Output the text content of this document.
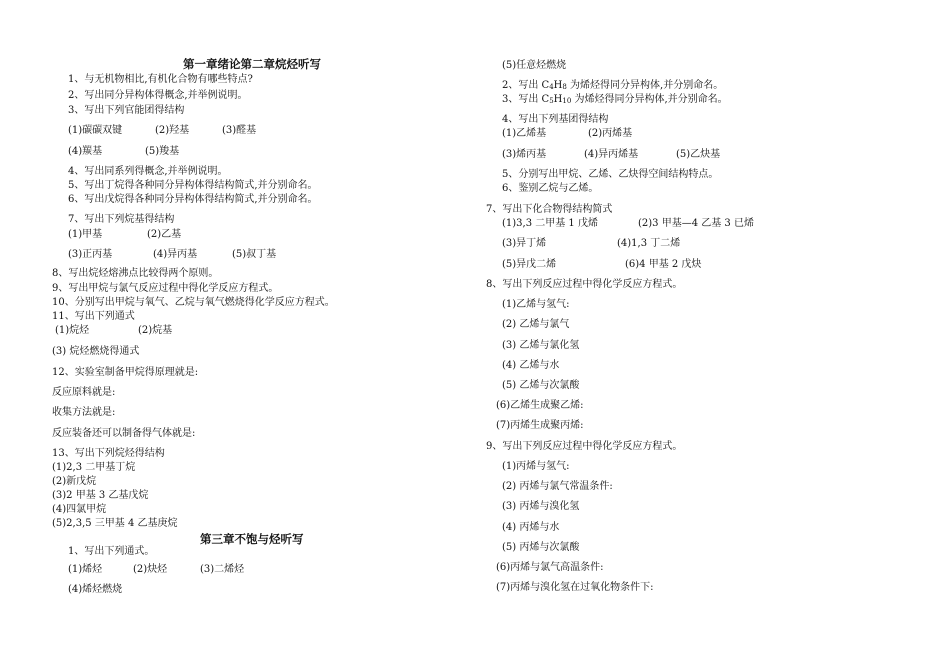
第一章绪论第二章烷烃听写
1、与无机物相比,有机化合物有哪些特点?
2、写出同分异构体得概念,并举例说明。
3、写出下列官能团得结构
(1)碳碳双键	(2)羟基	(3)醛基
(4)羰基	(5)羧基
4、写出同系列得概念,并举例说明。
5、写出丁烷得各种同分异构体得结构简式,并分别命名。
6、写出戊烷得各种同分异构体得结构简式,并分别命名。
7、写出下列烷基得结构
(1)甲基	(2)乙基
(3)正丙基	(4)异丙基	(5)叔丁基
8、写出烷烃熔沸点比较得两个原则。
9、写出甲烷与氯气反应过程中得化学反应方程式。
10、分别写出甲烷与氧气、乙烷与氧气燃烧得化学反应方程式。
11、写出下列通式
(1)烷烃	(2)烷基
(3) 烷烃燃烧得通式
12、实验室制备甲烷得原理就是:
反应原料就是:
收集方法就是:
反应装备还可以制备得气体就是:
13、写出下列烷烃得结构
(1)2,3 二甲基丁烷
(2)新戊烷
(3)2 甲基 3 乙基戊烷
(4)四氯甲烷
(5)2,3,5 三甲基 4 乙基庚烷
第三章不饱与烃听写
1、写出下列通式。
(1)烯烃	(2)炔烃	(3)二烯烃
(4)烯烃燃烧
(5)任意烃燃烧
2、写出 C4H8 为烯烃得同分异构体,并分别命名。
3、写出 C5H10 为烯烃得同分异构体,并分别命名。
4、写出下列基团得结构
(1)乙烯基	(2)丙烯基
(3)烯丙基	(4)异丙烯基	(5)乙炔基
5、分别写出甲烷、乙烯、乙炔得空间结构特点。
6、鉴别乙烷与乙烯。
7、写出下化合物得结构简式
(1)3,3 二甲基 1 戊烯	(2)3 甲基—4 乙基 3 已烯
(3)异丁烯	(4)1,3 丁二烯
(5)异戊二烯	(6)4 甲基 2 戊炔
8、写出下列反应过程中得化学反应方程式。
(1)乙烯与氢气:
(2) 乙烯与氯气
(3) 乙烯与氯化氢
(4) 乙烯与水
(5) 乙烯与次氯酸
(6)乙烯生成聚乙烯:
(7)丙烯生成聚丙烯:
9、写出下列反应过程中得化学反应方程式。
(1)丙烯与氢气:
(2) 丙烯与氯气常温条件:
(3) 丙烯与溴化氢
(4) 丙烯与水
(5) 丙烯与次氯酸
(6)丙烯与氯气高温条件:
(7)丙烯与溴化氢在过氧化物条件下:
